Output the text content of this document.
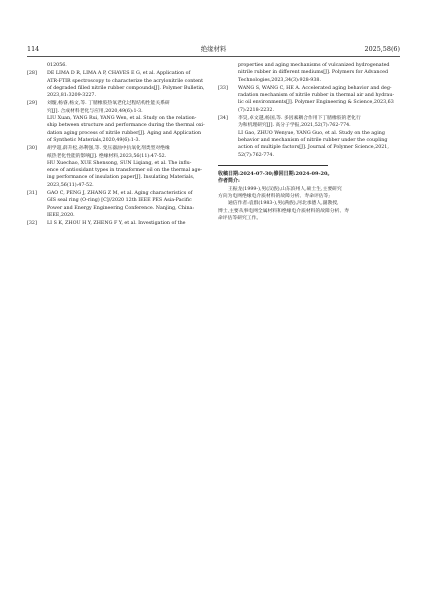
114	绝缘材料	2025,58(6)
012056.
[28] DE LIMA D R, LIMA A P, CHAVES E G, et al. Application of
ATR-FTIR spectroscopy to characterize the acrylonitrile content
of degraded filled nitrile rubber compounds[J]. Polymer Bulletin,
2023,81:3209-3227.
[29] 刘璇,杨睿,杨文,等. 丁腈橡胶热氧老化过程结构性能关系研
究[J]. 合成材料老化与应用,2020,49(6):1-3.
LIU Xuan, YANG Rui, YANG Wen, et al. Study on the relation-
ship between structure and performance during the thermal oxi-
dation aging process of nitrile rubber[J]. Aging and Application
of Synthetic Materials,2020,49(6):1-3.
[30] 胡学超,薛升松,孙利强,等. 变压器油中抗氧化剂类型对绝缘
纸热老化性能的影响[J]. 绝缘材料,2023,56(11):47-52.
HU Xuechao, XUE Shensong, SUN Liqiang, et al. The influ-
ence of antioxidant types in transformer oil on the thermal age-
ing performance of insulation paper[J]. Insulating Materials,
2023,56(11):47-52.
[31] GAO C, PENG J, ZHANG Z M, et al. Aging characteristics of
GIS seal ring (O-ring) [C]//2020 12th IEEE PES Asia-Pacific
Power and Energy Engineering Conference. Nanjing, China:
IEEE,2020.
[32] LI S K, ZHOU H Y, ZHENG F Y, et al. Investigation of the
properties and aging mechanisms of vulcanized hydrogenated
nitrile rubber in different mediums[J]. Polymers for Advanced
Technologies,2023,34(3):928-938.
[33] WANG S, WANG C, HE A. Accelerated aging behavior and deg-
radation mechanism of nitrile rubber in thermal air and hydrau-
lic oil environments[J]. Polymer Engineering & Science,2023,63
(7):2218-2232.
[34] 李昊,卓文越,杨国,等. 多因素耦合作用下丁腈橡胶的老化行
为和机理研究[J]. 高分子学报,2021,52(7):762-774.
LI Gao, ZHUO Wenyue, YANG Guo, et al. Study on the aging
behavior and mechanism of nitrile rubber under the coupling
action of multiple factors[J]. Journal of Polymer Science,2021,
52(7):762-774.
收稿日期:2024-07-30;修回日期:2024-09-20。
作者简介:
王振龙(1999-),男(汉族),山东滨州人,硕士生,主要研究
方向为电网绝缘电介质材料的故障分析、寿命评估等;
通信作者:袁群(1983-),男(满族),河北承德人,副教授,
博士,主要从事电网全属材料和绝缘电介质材料的故障分析、寿
命评估等研究工作。
